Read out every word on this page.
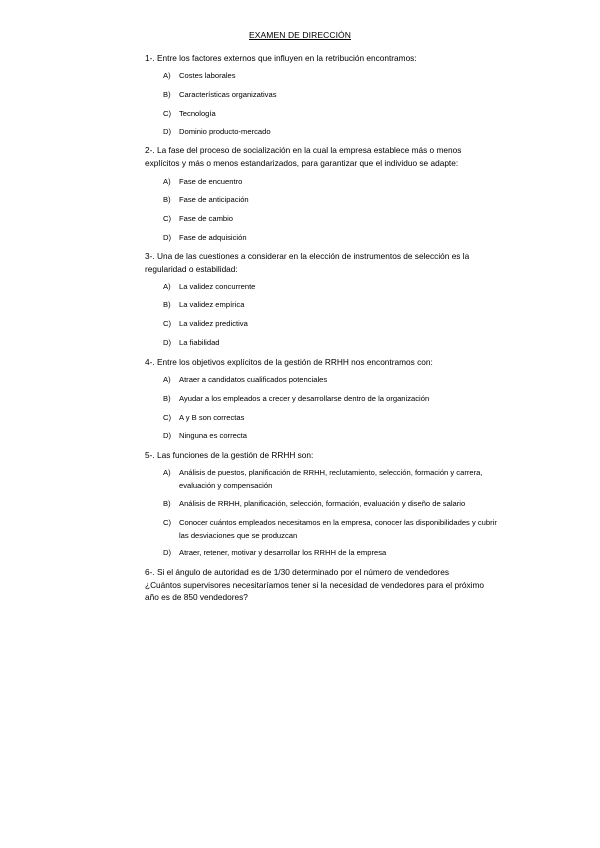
EXAMEN DE DIRECCIÓN
1-. Entre los factores externos que influyen en la retribución encontramos:
A) Costes laborales
B) Características organizativas
C) Tecnología
D) Dominio producto-mercado
2-. La fase del proceso de socialización en la cual la empresa establece más o menos explícitos y más o menos estandarizados, para garantizar que el individuo se adapte:
A) Fase de encuentro
B) Fase de anticipación
C) Fase de cambio
D) Fase de adquisición
3-. Una de las cuestiones a considerar en la elección de instrumentos de selección es la regularidad o estabilidad:
A) La validez concurrente
B) La validez empírica
C) La validez predictiva
D) La fiabilidad
4-. Entre los objetivos explícitos de la gestión de RRHH nos encontramos con:
A) Atraer a candidatos cualificados potenciales
B) Ayudar a los empleados a crecer y desarrollarse dentro de la organización
C) A y B son correctas
D) Ninguna es correcta
5-. Las funciones de la gestión de RRHH son:
A) Análisis de puestos, planificación de RRHH, reclutamiento, selección, formación y carrera, evaluación y compensación
B) Análisis de RRHH, planificación, selección, formación, evaluación y diseño de salario
C) Conocer cuántos empleados necesitamos en la empresa, conocer las disponibilidades y cubrir las desviaciones que se produzcan
D) Atraer, retener, motivar y desarrollar los RRHH de la empresa
6-. Si el ángulo de autoridad es de 1/30 determinado por el número de vendedores ¿Cuántos supervisores necesitaríamos tener si la necesidad de vendedores para el próximo año es de 850 vendedores?
